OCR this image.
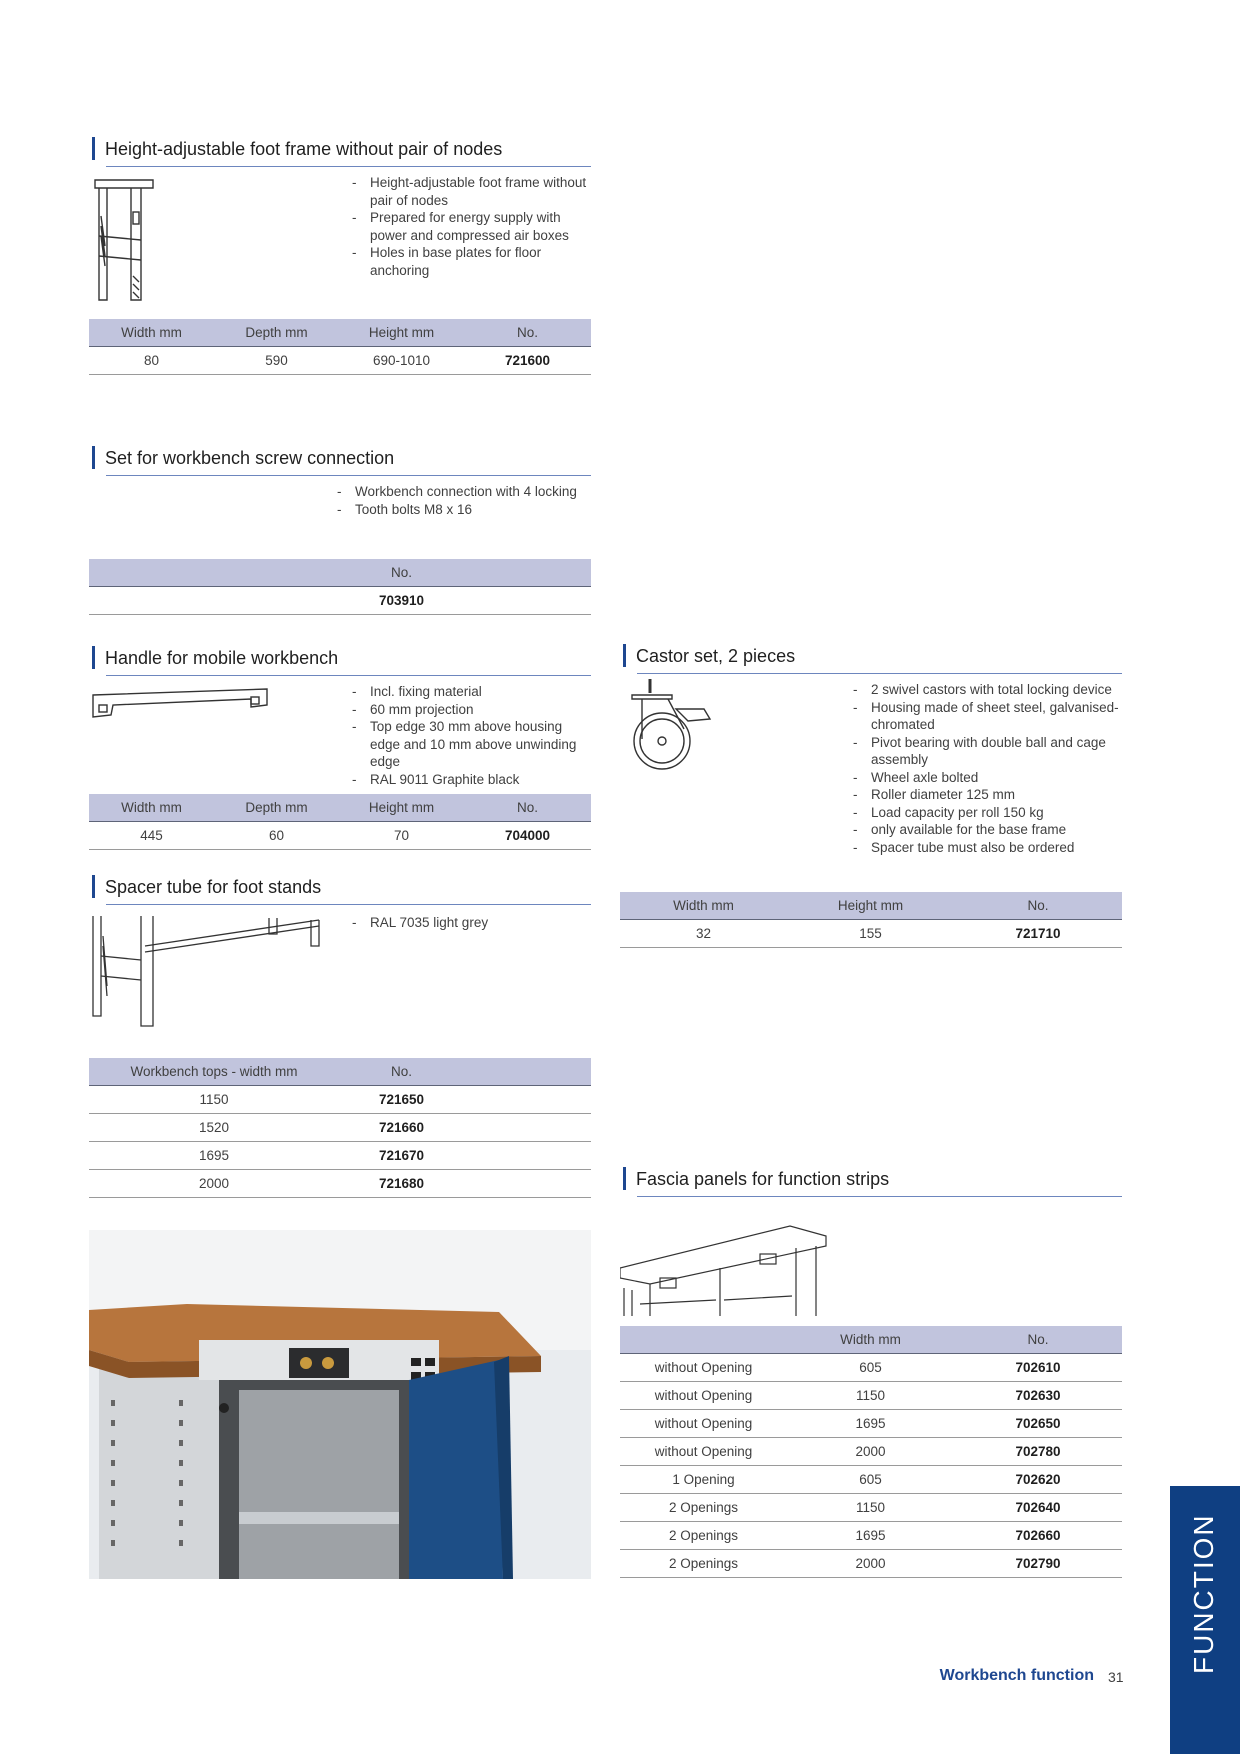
Height-adjustable foot frame without pair of nodes
- Height-adjustable foot frame without pair of nodes
- Prepared for energy supply with power and compressed air boxes
- Holes in base plates for floor anchoring
Width mm	Depth mm	Height mm	No.
80	590	690-1010	721600
Set for workbench screw connection
- Workbench connection with 4 locking
- Tooth bolts M8 x 16
	No.	
	703910	
Handle for mobile workbench
- Incl. fixing material
- 60 mm projection
- Top edge 30 mm above housing edge and 10 mm above unwinding edge
- RAL 9011 Graphite black
Width mm	Depth mm	Height mm	No.
445	60	70	704000
Castor set, 2 pieces
- 2 swivel castors with total locking device
- Housing made of sheet steel, galvanised-chromated
- Pivot bearing with double ball and cage assembly
- Wheel axle bolted
- Roller diameter 125 mm
- Load capacity per roll 150 kg
- only available for the base frame
- Spacer tube must also be ordered
Width mm	Height mm	No.
32	155	721710
Spacer tube for foot stands
- RAL 7035 light grey
Workbench tops - width mm	No.	
1150	721650	
1520	721660	
1695	721670	
2000	721680		Fascia panels for function strips
	Width mm	No.
without Opening	605	702610
without Opening	1150	702630
without Opening	1695	702650
without Opening	2000	702780
1 Opening	605	702620
2 Openings	1150	702640
2 Openings	1695	702660
2 Openings	2000	702790
Workbench function 31
FUNCTION
